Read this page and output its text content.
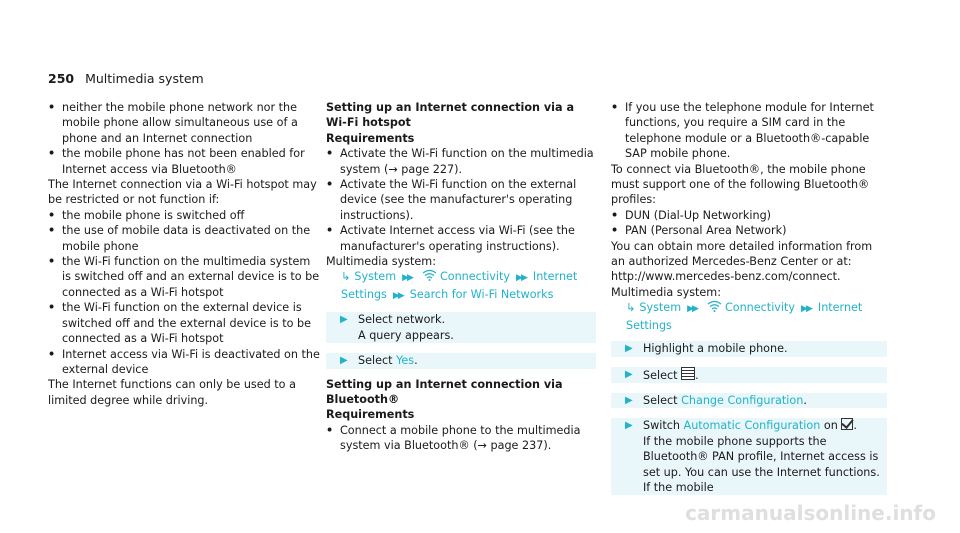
250 Multimedia system
• neither the mobile phone network nor the mobile phone allow simultaneous use of a phone and an Internet connection
• the mobile phone has not been enabled for Internet access via Bluetooth®

The Internet connection via a Wi-Fi hotspot may be restricted or not function if:

• the mobile phone is switched off
• the use of mobile data is deactivated on the mobile phone
• the Wi-Fi function on the multimedia system is switched off and an external device is to be connected as a Wi-Fi hotspot
• the Wi-Fi function on the external device is switched off and the external device is to be connected as a Wi-Fi hotspot
• Internet access via Wi-Fi is deactivated on the external device

The Internet functions can only be used to a limited degree while driving.

Setting up an Internet connection via a Wi-Fi hotspot

Requirements

• Activate the Wi-Fi function on the multimedia system (→ page 227).
• Activate the Wi-Fi function on the external device (see the manufacturer's operating instructions).
• Activate Internet access via Wi-Fi (see the manufacturer's operating instructions).

Multimedia system:

↳ System ▶▶	Connectivity ▶▶ Internet Settings ▶▶ Search for Wi-Fi Networks
▶ Select network.
A query appears.
▶ Select Yes.

Setting up an Internet connection via Bluetooth®

Requirements

• Connect a mobile phone to the multimedia system via Bluetooth® (→ page 237).
• If you use the telephone module for Internet functions, you require a SIM card in the telephone module or a Bluetooth®-capable SAP mobile phone.

To connect via Bluetooth®, the mobile phone must support one of the following Bluetooth® profiles:

• DUN (Dial-Up Networking)
• PAN (Personal Area Network)

You can obtain more detailed information from an authorized Mercedes-Benz Center or at: http://www.mercedes-benz.com/connect.

Multimedia system:

↳ System ▶▶	Connectivity ▶▶ Internet Settings
▶ Highlight a mobile phone.
▶ Select .
▶ Select Change Configuration.
▶ Switch Automatic Configuration on .
If the mobile phone supports the Bluetooth® PAN profile, Internet access is set up. You can use the Internet functions. If the mobile
carmanualsonline.info
